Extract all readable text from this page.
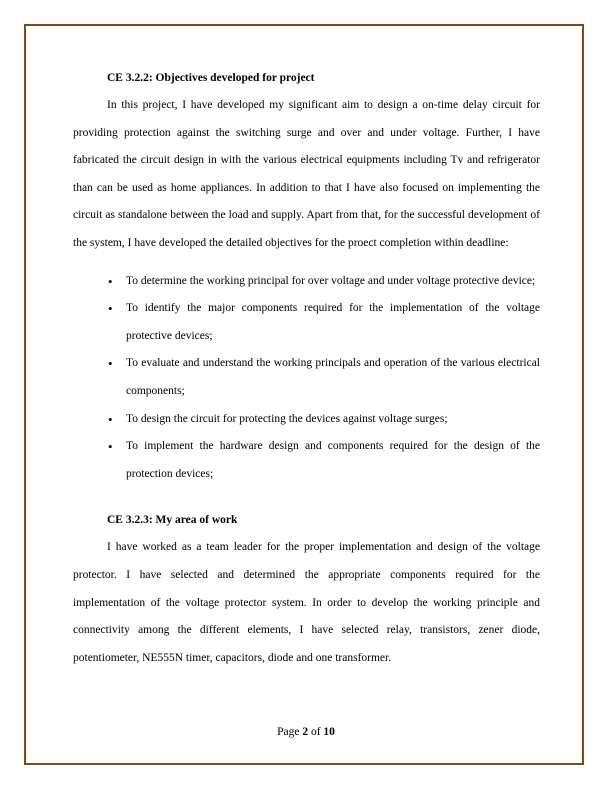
CE 3.2.2: Objectives developed for project

In this project, I have developed my significant aim to design a on-time delay circuit for providing protection against the switching surge and over and under voltage. Further, I have fabricated the circuit design in with the various electrical equipments including Tv and refrigerator than can be used as home appliances. In addition to that I have also focused on implementing the circuit as standalone between the load and supply. Apart from that, for the successful development of the system, I have developed the detailed objectives for the proect completion within deadline:

• To determine the working principal for over voltage and under voltage protective device;
• To identify the major components required for the implementation of the voltage protective devices;
• To evaluate and understand the working principals and operation of the various electrical components;
• To design the circuit for protecting the devices against voltage surges;
• To implement the hardware design and components required for the design of the protection devices;
CE 3.2.3: My area of work

I have worked as a team leader for the proper implementation and design of the voltage protector. I have selected and determined the appropriate components required for the implementation of the voltage protector system. In order to develop the working principle and connectivity among the different elements, I have selected relay, transistors, zener diode, potentiometer, NE555N timer, capacitors, diode and one transformer.

Page 2 of 10
